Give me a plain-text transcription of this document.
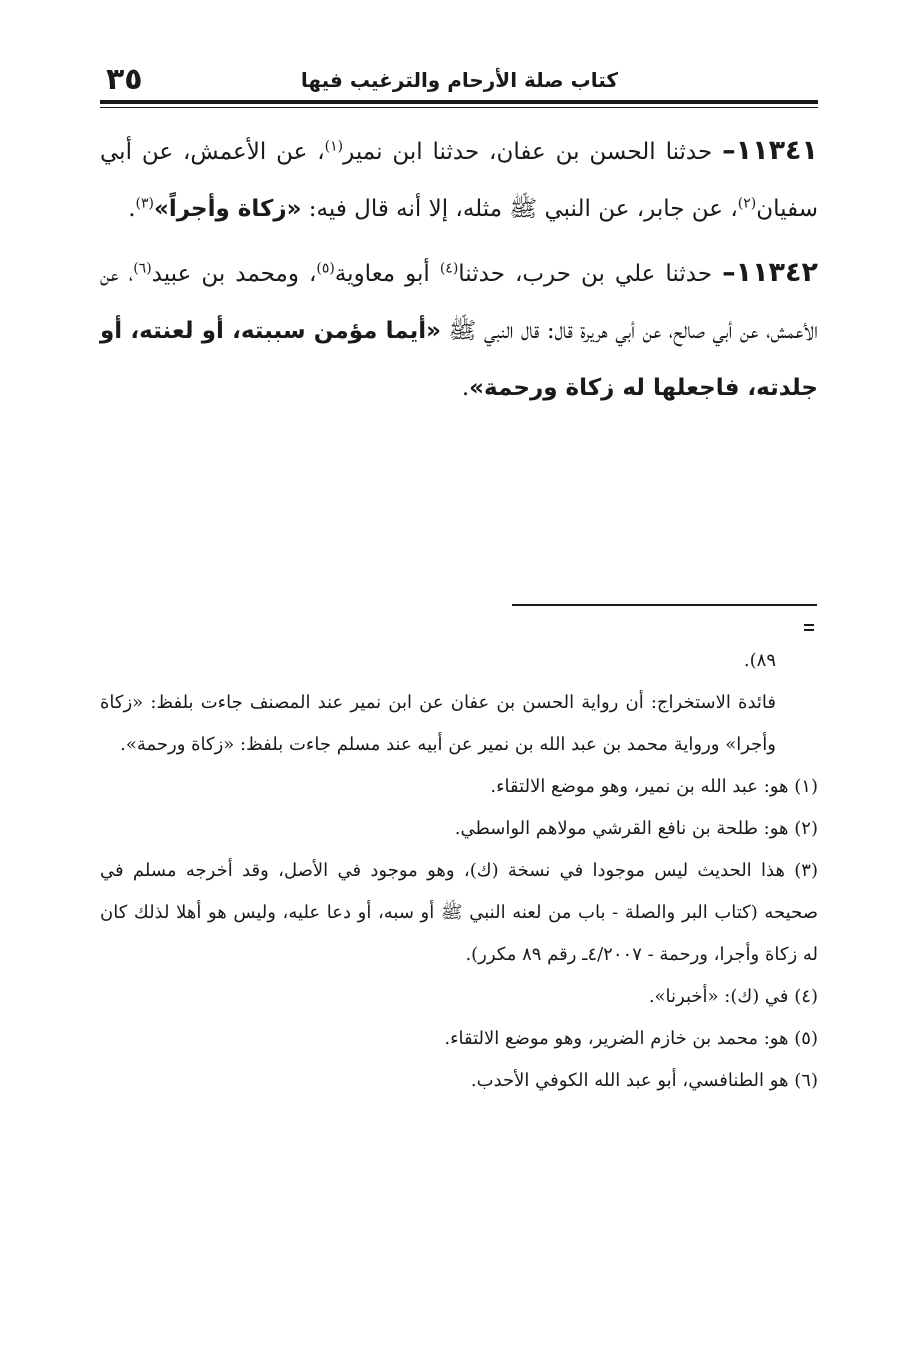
كتاب صلة الأرحام والترغيب فيها
٣٥

١١٣٤١– حدثنا الحسن بن عفان، حدثنا ابن نمير$^{(١)}$، عن الأعمش، عن أبي سفيان$^{(٢)}$، عن جابر، عن النبي ﷺ مثله، إلا أنه قال فيه: «زكاة وأجراً»$^{(٣)}$.

١١٣٤٢– حدثنا علي بن حرب، حدثنا$^{(٤)}$ أبو معاوية$^{(٥)}$، ومحمد بن عبيد$^{(٦)}$، عن الأعمش، عن أبي صالح، عن أبي هريرة قال: قال النبي ﷺ «أيما مؤمن سببته، أو لعنته، أو جلدته، فاجعلها له زكاة ورحمة».

٨٩).

فائدة الاستخراج: أن رواية الحسن بن عفان عن ابن نمير عند المصنف جاءت بلفظ: «زكاة وأجرا» ورواية محمد بن عبد الله بن نمير عن أبيه عند مسلم جاءت بلفظ: «زكاة ورحمة».

(١) هو: عبد الله بن نمير، وهو موضع الالتقاء.

(٢) هو: طلحة بن نافع القرشي مولاهم الواسطي.

(٣) هذا الحديث ليس موجودا في نسخة (ك)، وهو موجود في الأصل، وقد أخرجه مسلم في صحيحه (كتاب البر والصلة - باب من لعنه النبي ﷺ أو سبه، أو دعا عليه، وليس هو أهلا لذلك كان له زكاة وأجرا، ورحمة - ٤/٢٠٠٧ـ رقم ٨٩ مكرر).

(٤) في (ك): «أخبرنا».

(٥) هو: محمد بن خازم الضرير، وهو موضع الالتقاء.

(٦) هو الطنافسي، أبو عبد الله الكوفي الأحدب.
